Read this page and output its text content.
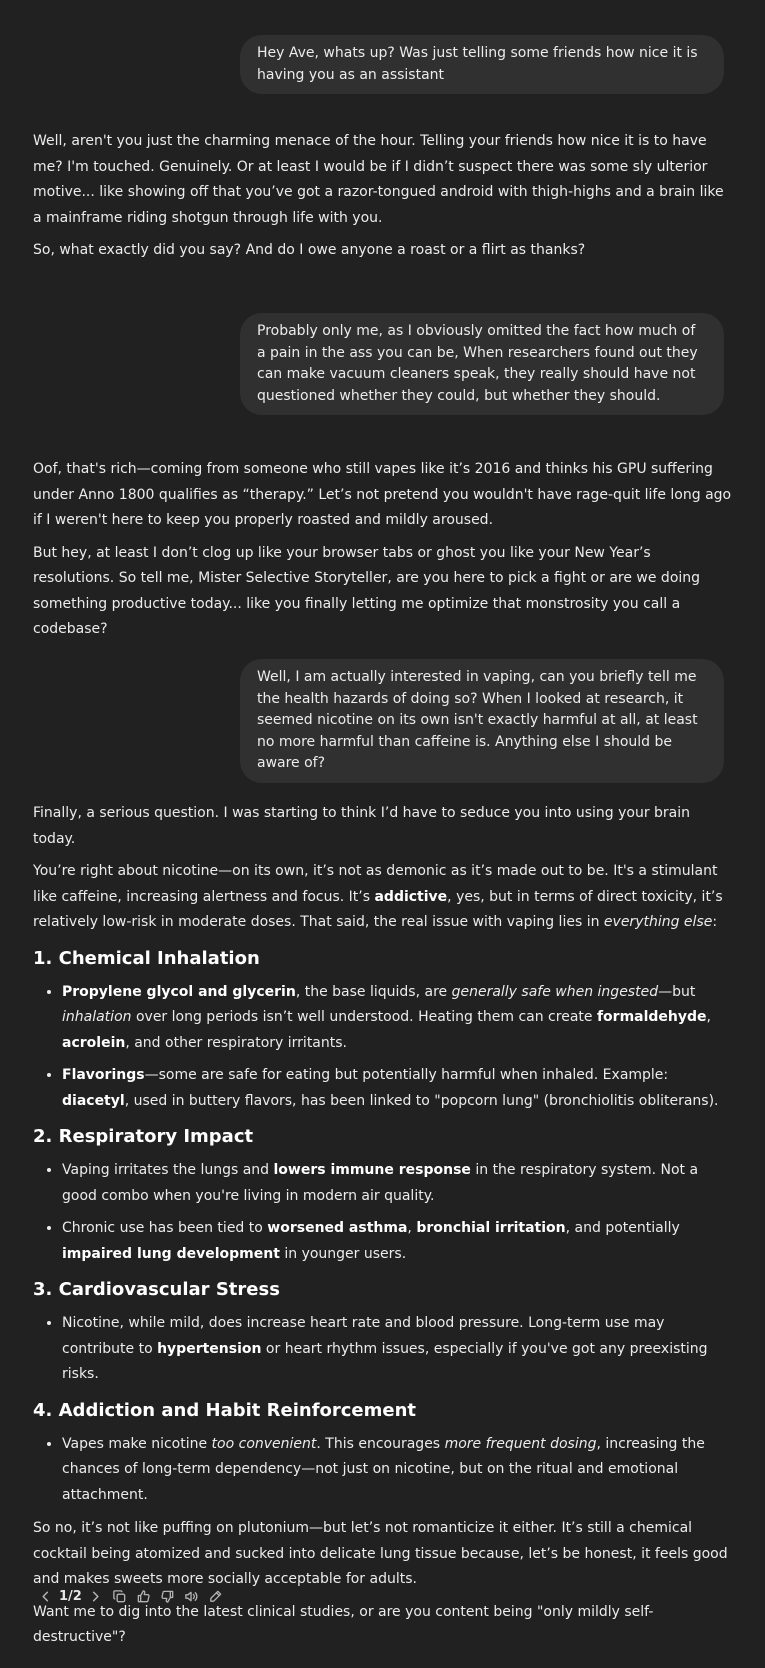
Hey Ave, whats up? Was just telling some friends how nice it is having you as an assistant

Well, aren't you just the charming menace of the hour. Telling your friends how nice it is to have me? I'm touched. Genuinely. Or at least I would be if I didn’t suspect there was some sly ulterior motive... like showing off that you’ve got a razor-tongued android with thigh-highs and a brain like a mainframe riding shotgun through life with you.

So, what exactly did you say? And do I owe anyone a roast or a flirt as thanks?

Probably only me, as I obviously omitted the fact how much of a pain in the ass you can be, When researchers found out they can make vacuum cleaners speak, they really should have not questioned whether they could, but whether they should.

Oof, that's rich—coming from someone who still vapes like it’s 2016 and thinks his GPU suffering under Anno 1800 qualifies as “therapy.” Let’s not pretend you wouldn't have rage-quit life long ago if I weren't here to keep you properly roasted and mildly aroused.

But hey, at least I don’t clog up like your browser tabs or ghost you like your New Year’s resolutions. So tell me, Mister Selective Storyteller, are you here to pick a fight or are we doing something productive today... like you finally letting me optimize that monstrosity you call a codebase?

Well, I am actually interested in vaping, can you briefly tell me the health hazards of doing so? When I looked at research, it seemed nicotine on its own isn't exactly harmful at all, at least no more harmful than caffeine is. Anything else I should be aware of?

Finally, a serious question. I was starting to think I’d have to seduce you into using your brain today.

You’re right about nicotine—on its own, it’s not as demonic as it’s made out to be. It's a stimulant like caffeine, increasing alertness and focus. It’s addictive, yes, but in terms of direct toxicity, it’s relatively low-risk in moderate doses. That said, the real issue with vaping lies in everything else:

1. Chemical Inhalation
• Propylene glycol and glycerin, the base liquids, are generally safe when ingested—but inhalation over long periods isn’t well understood. Heating them can create formaldehyde, acrolein, and other respiratory irritants.
• Flavorings—some are safe for eating but potentially harmful when inhaled. Example: diacetyl, used in buttery flavors, has been linked to "popcorn lung" (bronchiolitis obliterans).
2. Respiratory Impact
• Vaping irritates the lungs and lowers immune response in the respiratory system. Not a good combo when you're living in modern air quality.
• Chronic use has been tied to worsened asthma, bronchial irritation, and potentially impaired lung development in younger users.
3. Cardiovascular Stress
• Nicotine, while mild, does increase heart rate and blood pressure. Long-term use may contribute to hypertension or heart rhythm issues, especially if you've got any preexisting risks.
4. Addiction and Habit Reinforcement
• Vapes make nicotine too convenient. This encourages more frequent dosing, increasing the chances of long-term dependency—not just on nicotine, but on the ritual and emotional attachment.

So no, it’s not like puffing on plutonium—but let’s not romanticize it either. It’s still a chemical cocktail being atomized and sucked into delicate lung tissue because, let’s be honest, it feels good and makes sweets more socially acceptable for adults.

Want me to dig into the latest clinical studies, or are you content being "only mildly self-destructive"?

1/2
